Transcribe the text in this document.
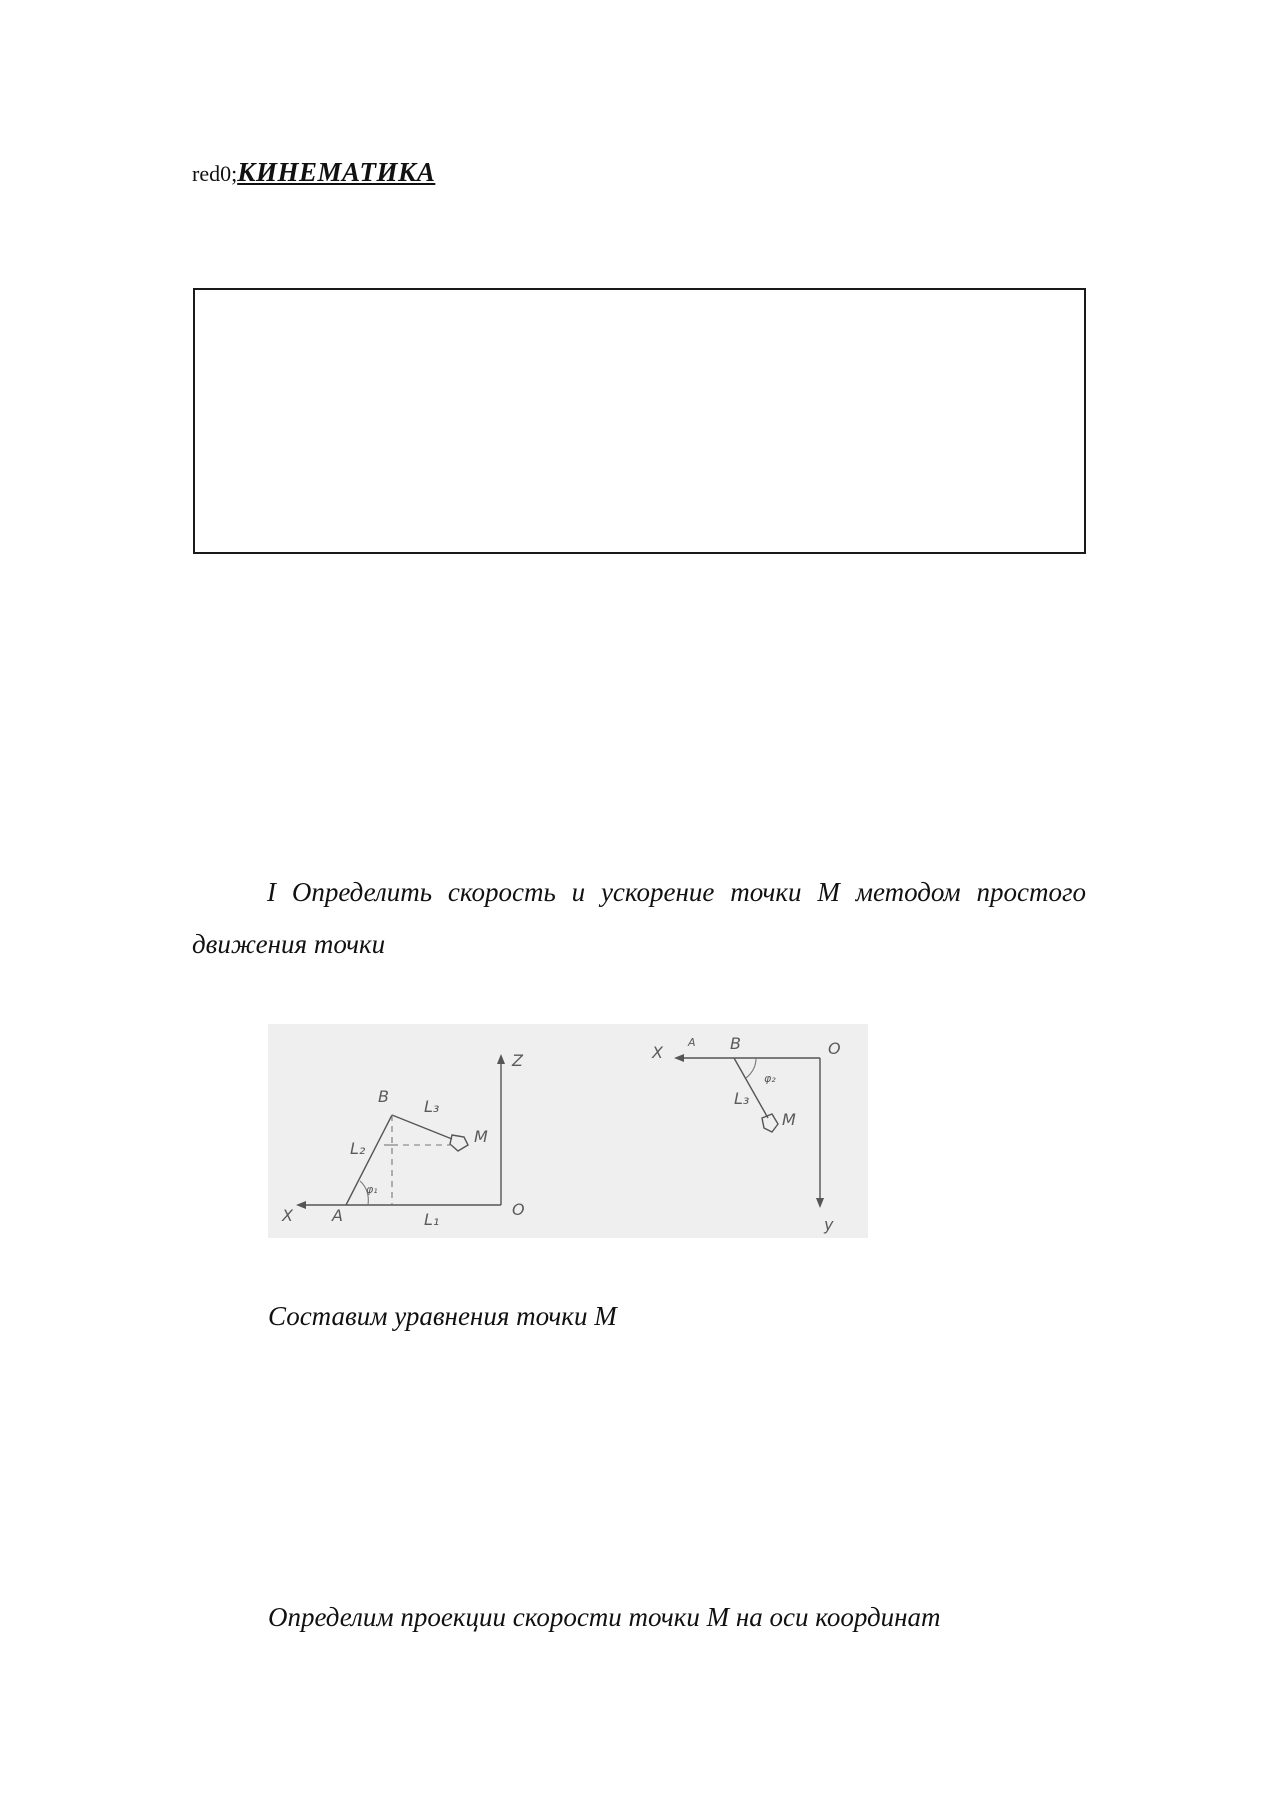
red0;КИНЕМАТИКА

I Определить скорость и ускорение точки М методом простого движения точки

Z
X	O
A
B
M
L₁
L₂
L₃
φ₁
X
A B	O
y
M
L₃
φ₂
Составим уравнения точки М
Определим проекции скорости точки М на оси координат
